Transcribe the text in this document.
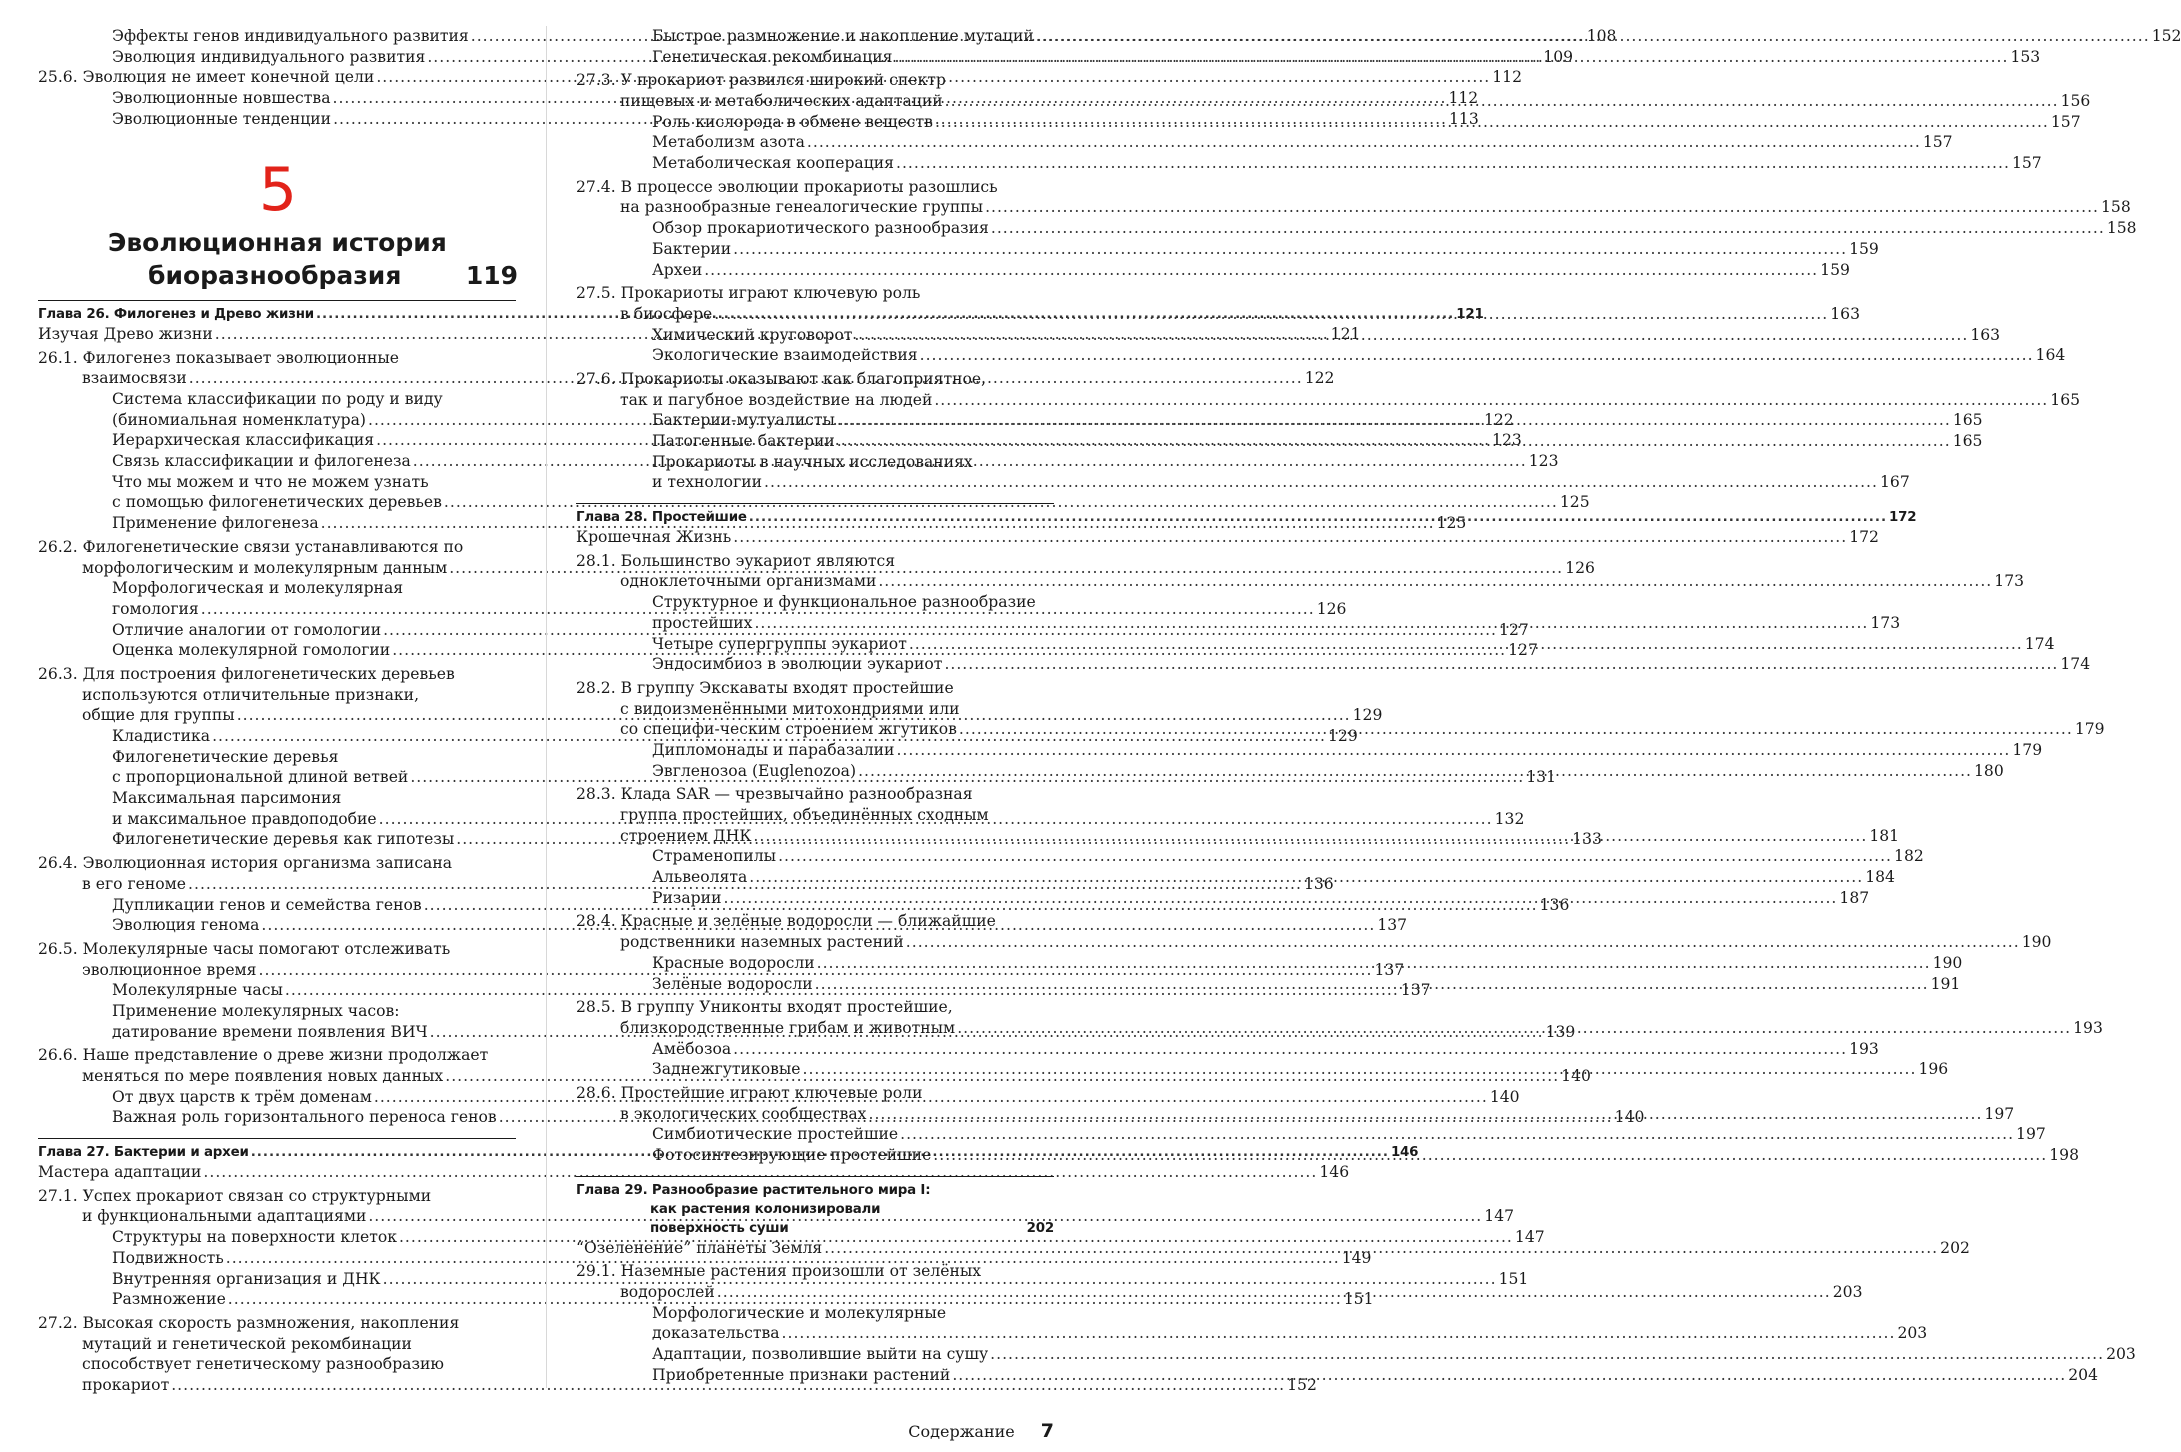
Эффекты генов индивидуального развития .....	108
Эволюция индивидуального развития .....	109
25.6. Эволюция не имеет конечной цели .....	112
Эволюционные новшества .....	112
Эволюционные тенденции .....	113
5
Эволюционная история
биоразнообразия	119
Глава 26. Филогенез и Древо жизни .....	121
Изучая Древо жизни .....	121
26.1. Филогенез показывает эволюционные
взаимосвязи .....	122
Система классификации по роду и виду
(биномиальная номенклатура) .....	122
Иерархическая классификация .....	123
Связь классификации и филогенеза .....	123
Что мы можем и что не можем узнать
с помощью филогенетических деревьев .....	125
Применение филогенеза .....	125
26.2. Филогенетические связи устанавливаются по
морфологическим и молекулярным данным .....	126
Морфологическая и молекулярная
гомология .....	126
Отличие аналогии от гомологии .....	127
Оценка молекулярной гомологии .....	127
26.3. Для построения филогенетических деревьев
используются отличительные признаки,
общие для группы .....	129
Кладистика .....	129
Филогенетические деревья
с пропорциональной длиной ветвей .....	131
Максимальная парсимония
и максимальное правдоподобие .....	132
Филогенетические деревья как гипотезы .....	133
26.4. Эволюционная история организма записана
в его геноме .....	136
Дупликации генов и семейства генов .....	136
Эволюция генома .....	137
26.5. Молекулярные часы помогают отслеживать
эволюционное время .....	137
Молекулярные часы .....	137
Применение молекулярных часов:
датирование времени появления ВИЧ .....	139
26.6. Наше представление о древе жизни продолжает
меняться по мере появления новых данных .....	140
От двух царств к трём доменам .....	140
Важная роль горизонтального переноса генов .....	140
Глава 27. Бактерии и археи .....	146
Мастера адаптации .....	146
27.1. Успех прокариот связан со структурными
и функциональными адаптациями .....	147
Структуры на поверхности клеток .....	147
Подвижность .....	149
Внутренняя организация и ДНК .....	151
Размножение .....	151
27.2. Высокая скорость размножения, накопления
мутаций и генетической рекомбинации
способствует генетическому разнообразию
прокариот .....	152
Быстрое размножение и накопление мутаций .....	152
Генетическая рекомбинация .....	153
27.3. У прокариот развился широкий спектр
пищевых и метаболических адаптаций .....	156
Роль кислорода в обмене веществ .....	157
Метаболизм азота .....	157
Метаболическая кооперация .....	157
27.4. В процессе эволюции прокариоты разошлись
на разнообразные генеалогические группы .....	158
Обзор прокариотического разнообразия .....	158
Бактерии .....	159
Археи .....	159
27.5. Прокариоты играют ключевую роль
в биосфере .....	163
Химический круговорот .....	163
Экологические взаимодействия .....	164
27.6. Прокариоты оказывают как благоприятное,
так и пагубное воздействие на людей .....	165
Бактерии-мутуалисты .....	165
Патогенные бактерии .....	165
Прокариоты в научных исследованиях
и технологии .....	167
Глава 28. Простейшие .....	172
Крошечная Жизнь .....	172
28.1. Большинство эукариот являются
одноклеточными организмами .....	173
Структурное и функциональное разнообразие
простейших .....	173
Четыре супергруппы эукариот .....	174
Эндосимбиоз в эволюции эукариот .....	174
28.2. В группу Экскаваты входят простейшие
с видоизменёнными митохондриями или
со специфи-ческим строением жгутиков .....	179
Дипломонады и парабазалии .....	179
Эвгленозоа (Euglenozoa) .....	180
28.3. Клада SAR — чрезвычайно разнообразная
группа простейших, объединённых сходным
строением ДНК .....	181
Страменопилы .....	182
Альвеолята .....	184
Ризарии .....	187
28.4. Красные и зелёные водоросли — ближайшие
родственники наземных растений .....	190
Красные водоросли .....	190
Зелёные водоросли .....	191
28.5. В группу Униконты входят простейшие,
близкородственные грибам и животным .....	193
Амёбозоа .....	193
Заднежгутиковые .....	196
28.6. Простейшие играют ключевые роли
в экологических сообществах .....	197
Симбиотические простейшие .....	197
Фотосинтезирующие простейшие .....	198
Глава 29. Разнообразие растительного мира I:
как растения колонизировали
поверхность суши	202
“Озеленение” планеты Земля .....	202
29.1. Наземные растения произошли от зелёных
водорослей .....	203
Морфологические и молекулярные
доказательства .....	203
Адаптации, позволившие выйти на сушу .....	203
Приобретенные признаки растений .....	204
Содержание 7
